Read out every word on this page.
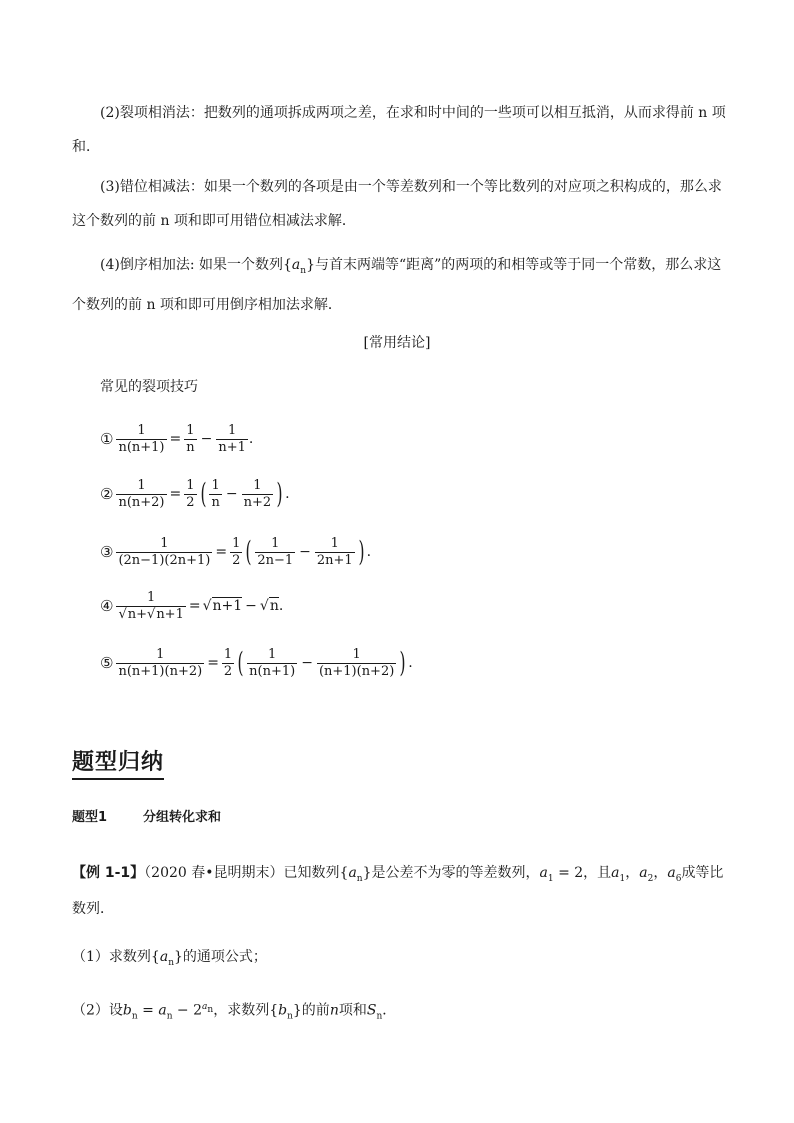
(2)裂项相消法：把数列的通项拆成两项之差，在求和时中间的一些项可以相互抵消，从而求得前 n 项和．
(3)错位相减法：如果一个数列的各项是由一个等差数列和一个等比数列的对应项之积构成的，那么求这个数列的前 n 项和即可用错位相减法求解．
(4)倒序相加法: 如果一个数列$\{a_n\}$与首末两端等“距离”的两项的和相等或等于同一个常数，那么求这个数列的前 n 项和即可用倒序相加法求解．
[常用结论]
常见的裂项技巧
① $\frac{1}{n(n+1)} = \frac{1}{n} - \frac{1}{n+1}$ .
② $\frac{1}{n(n+2)} = \frac{1}{2}$ ( $\frac{1}{n} - \frac{1}{n+2}$ ) .
③ $\frac{1}{(2n-1)(2n+1)} = \frac{1}{2}$ ( $\frac{1}{2n-1} - \frac{1}{2n+1}$ ) .
④ $\frac{1}{√n+√n+1} = √n+1 - √n$ .
⑤ $\frac{1}{n(n+1)(n+2)} = \frac{1}{2}$ ( $\frac{1}{n(n+1)} - \frac{1}{(n+1)(n+2)}$ ) .
题型归纳
题型1	分组转化求和
【例 1-1】（2020 春•昆明期末）已知数列$\{a_n\}$是公差不为零的等差数列，$a_1 = 2$，且$a_1$，$a_2$，$a_6$成等比数列．
（1）求数列$\{a_n\}$的通项公式；
（2）设$b_n = a_n - 2^{a_n}$，求数列$\{b_n\}$的前n项和$S_n$．
